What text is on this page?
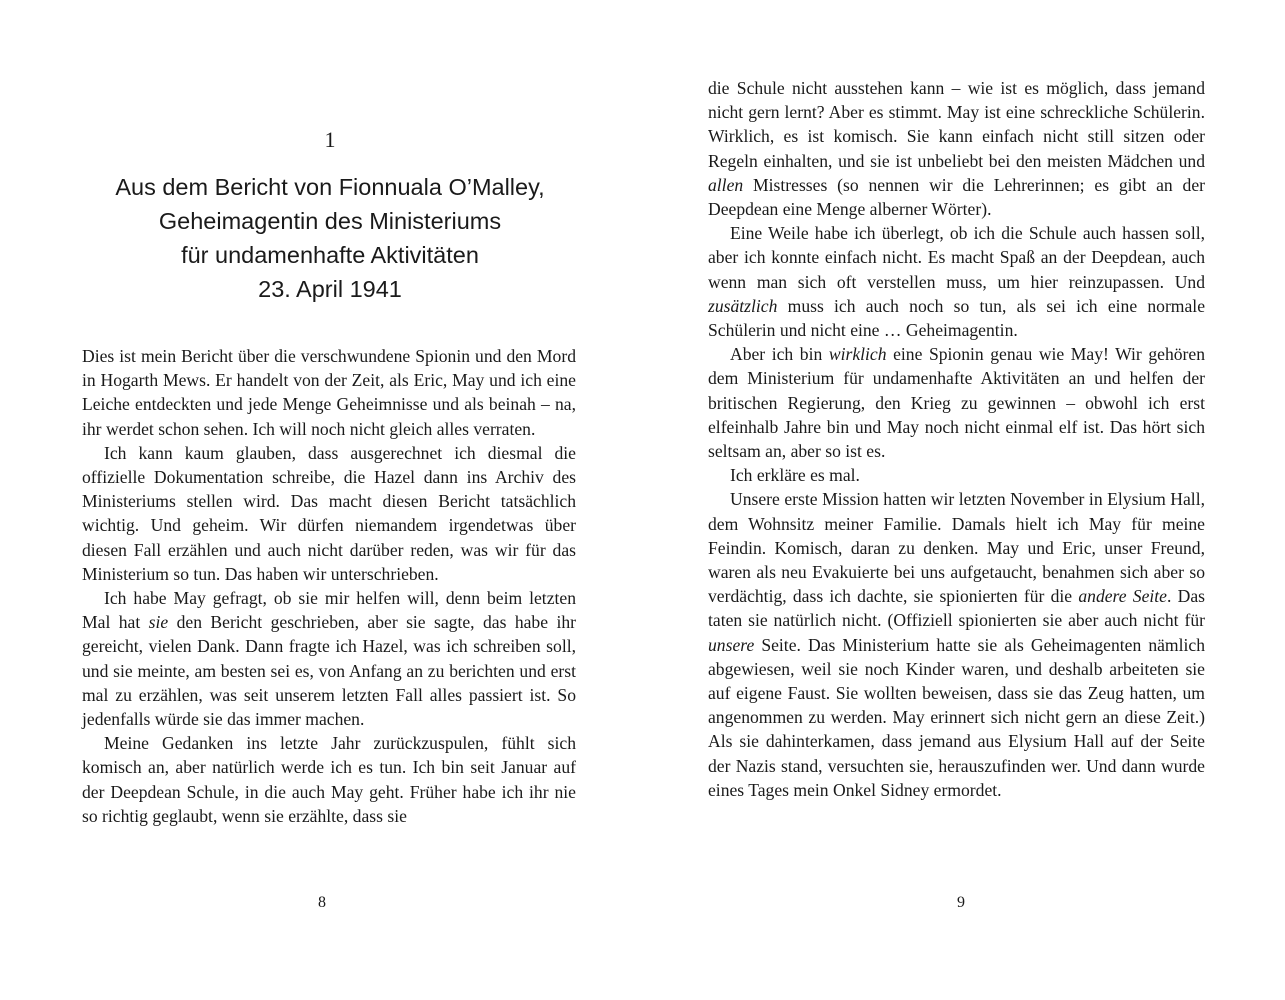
1
Aus dem Bericht von Fionnuala O’Malley,
Geheimagentin des Ministeriums
für undamenhafte Aktivitäten
23. April 1941

Dies ist mein Bericht über die verschwundene Spionin und den Mord in Hogarth Mews. Er handelt von der Zeit, als Eric, May und ich eine Leiche entdeckten und jede Menge Geheimnisse und als beinah – na, ihr werdet schon sehen. Ich will noch nicht gleich alles verraten.

Ich kann kaum glauben, dass ausgerechnet ich diesmal die offizielle Dokumentation schreibe, die Hazel dann ins Archiv des Ministeriums stellen wird. Das macht diesen Bericht tatsächlich wichtig. Und geheim. Wir dürfen niemandem irgendetwas über diesen Fall erzählen und auch nicht darüber reden, was wir für das Ministerium so tun. Das haben wir unterschrieben.

Ich habe May gefragt, ob sie mir helfen will, denn beim letzten Mal hat sie den Bericht geschrieben, aber sie sagte, das habe ihr gereicht, vielen Dank. Dann fragte ich Hazel, was ich schreiben soll, und sie meinte, am besten sei es, von Anfang an zu berichten und erst mal zu erzählen, was seit unserem letzten Fall alles passiert ist. So jedenfalls würde sie das immer machen.

Meine Gedanken ins letzte Jahr zurückzuspulen, fühlt sich komisch an, aber natürlich werde ich es tun. Ich bin seit Januar auf der Deepdean Schule, in die auch May geht. Früher habe ich ihr nie so richtig geglaubt, wenn sie erzählte, dass sie

8

die Schule nicht ausstehen kann – wie ist es möglich, dass jemand nicht gern lernt? Aber es stimmt. May ist eine schreckliche Schülerin. Wirklich, es ist komisch. Sie kann einfach nicht still sitzen oder Regeln einhalten, und sie ist unbeliebt bei den meisten Mädchen und allen Mistresses (so nennen wir die Lehrerinnen; es gibt an der Deepdean eine Menge alberner Wörter).

Eine Weile habe ich überlegt, ob ich die Schule auch hassen soll, aber ich konnte einfach nicht. Es macht Spaß an der Deepdean, auch wenn man sich oft verstellen muss, um hier reinzupassen. Und zusätzlich muss ich auch noch so tun, als sei ich eine normale Schülerin und nicht eine … Geheimagentin.

Aber ich bin wirklich eine Spionin genau wie May! Wir gehören dem Ministerium für undamenhafte Aktivitäten an und helfen der britischen Regierung, den Krieg zu gewinnen – obwohl ich erst elfeinhalb Jahre bin und May noch nicht einmal elf ist. Das hört sich seltsam an, aber so ist es.

Ich erkläre es mal.

Unsere erste Mission hatten wir letzten November in Elysium Hall, dem Wohnsitz meiner Familie. Damals hielt ich May für meine Feindin. Komisch, daran zu denken. May und Eric, unser Freund, waren als neu Evakuierte bei uns aufgetaucht, benahmen sich aber so verdächtig, dass ich dachte, sie spionierten für die andere Seite. Das taten sie natürlich nicht. (Offiziell spionierten sie aber auch nicht für unsere Seite. Das Ministerium hatte sie als Geheimagenten nämlich abgewiesen, weil sie noch Kinder waren, und deshalb arbeiteten sie auf eigene Faust. Sie wollten beweisen, dass sie das Zeug hatten, um angenommen zu werden. May erinnert sich nicht gern an diese Zeit.) Als sie dahinterkamen, dass jemand aus Elysium Hall auf der Seite der Nazis stand, versuchten sie, herauszufinden wer. Und dann wurde eines Tages mein Onkel Sidney ermordet.

9
